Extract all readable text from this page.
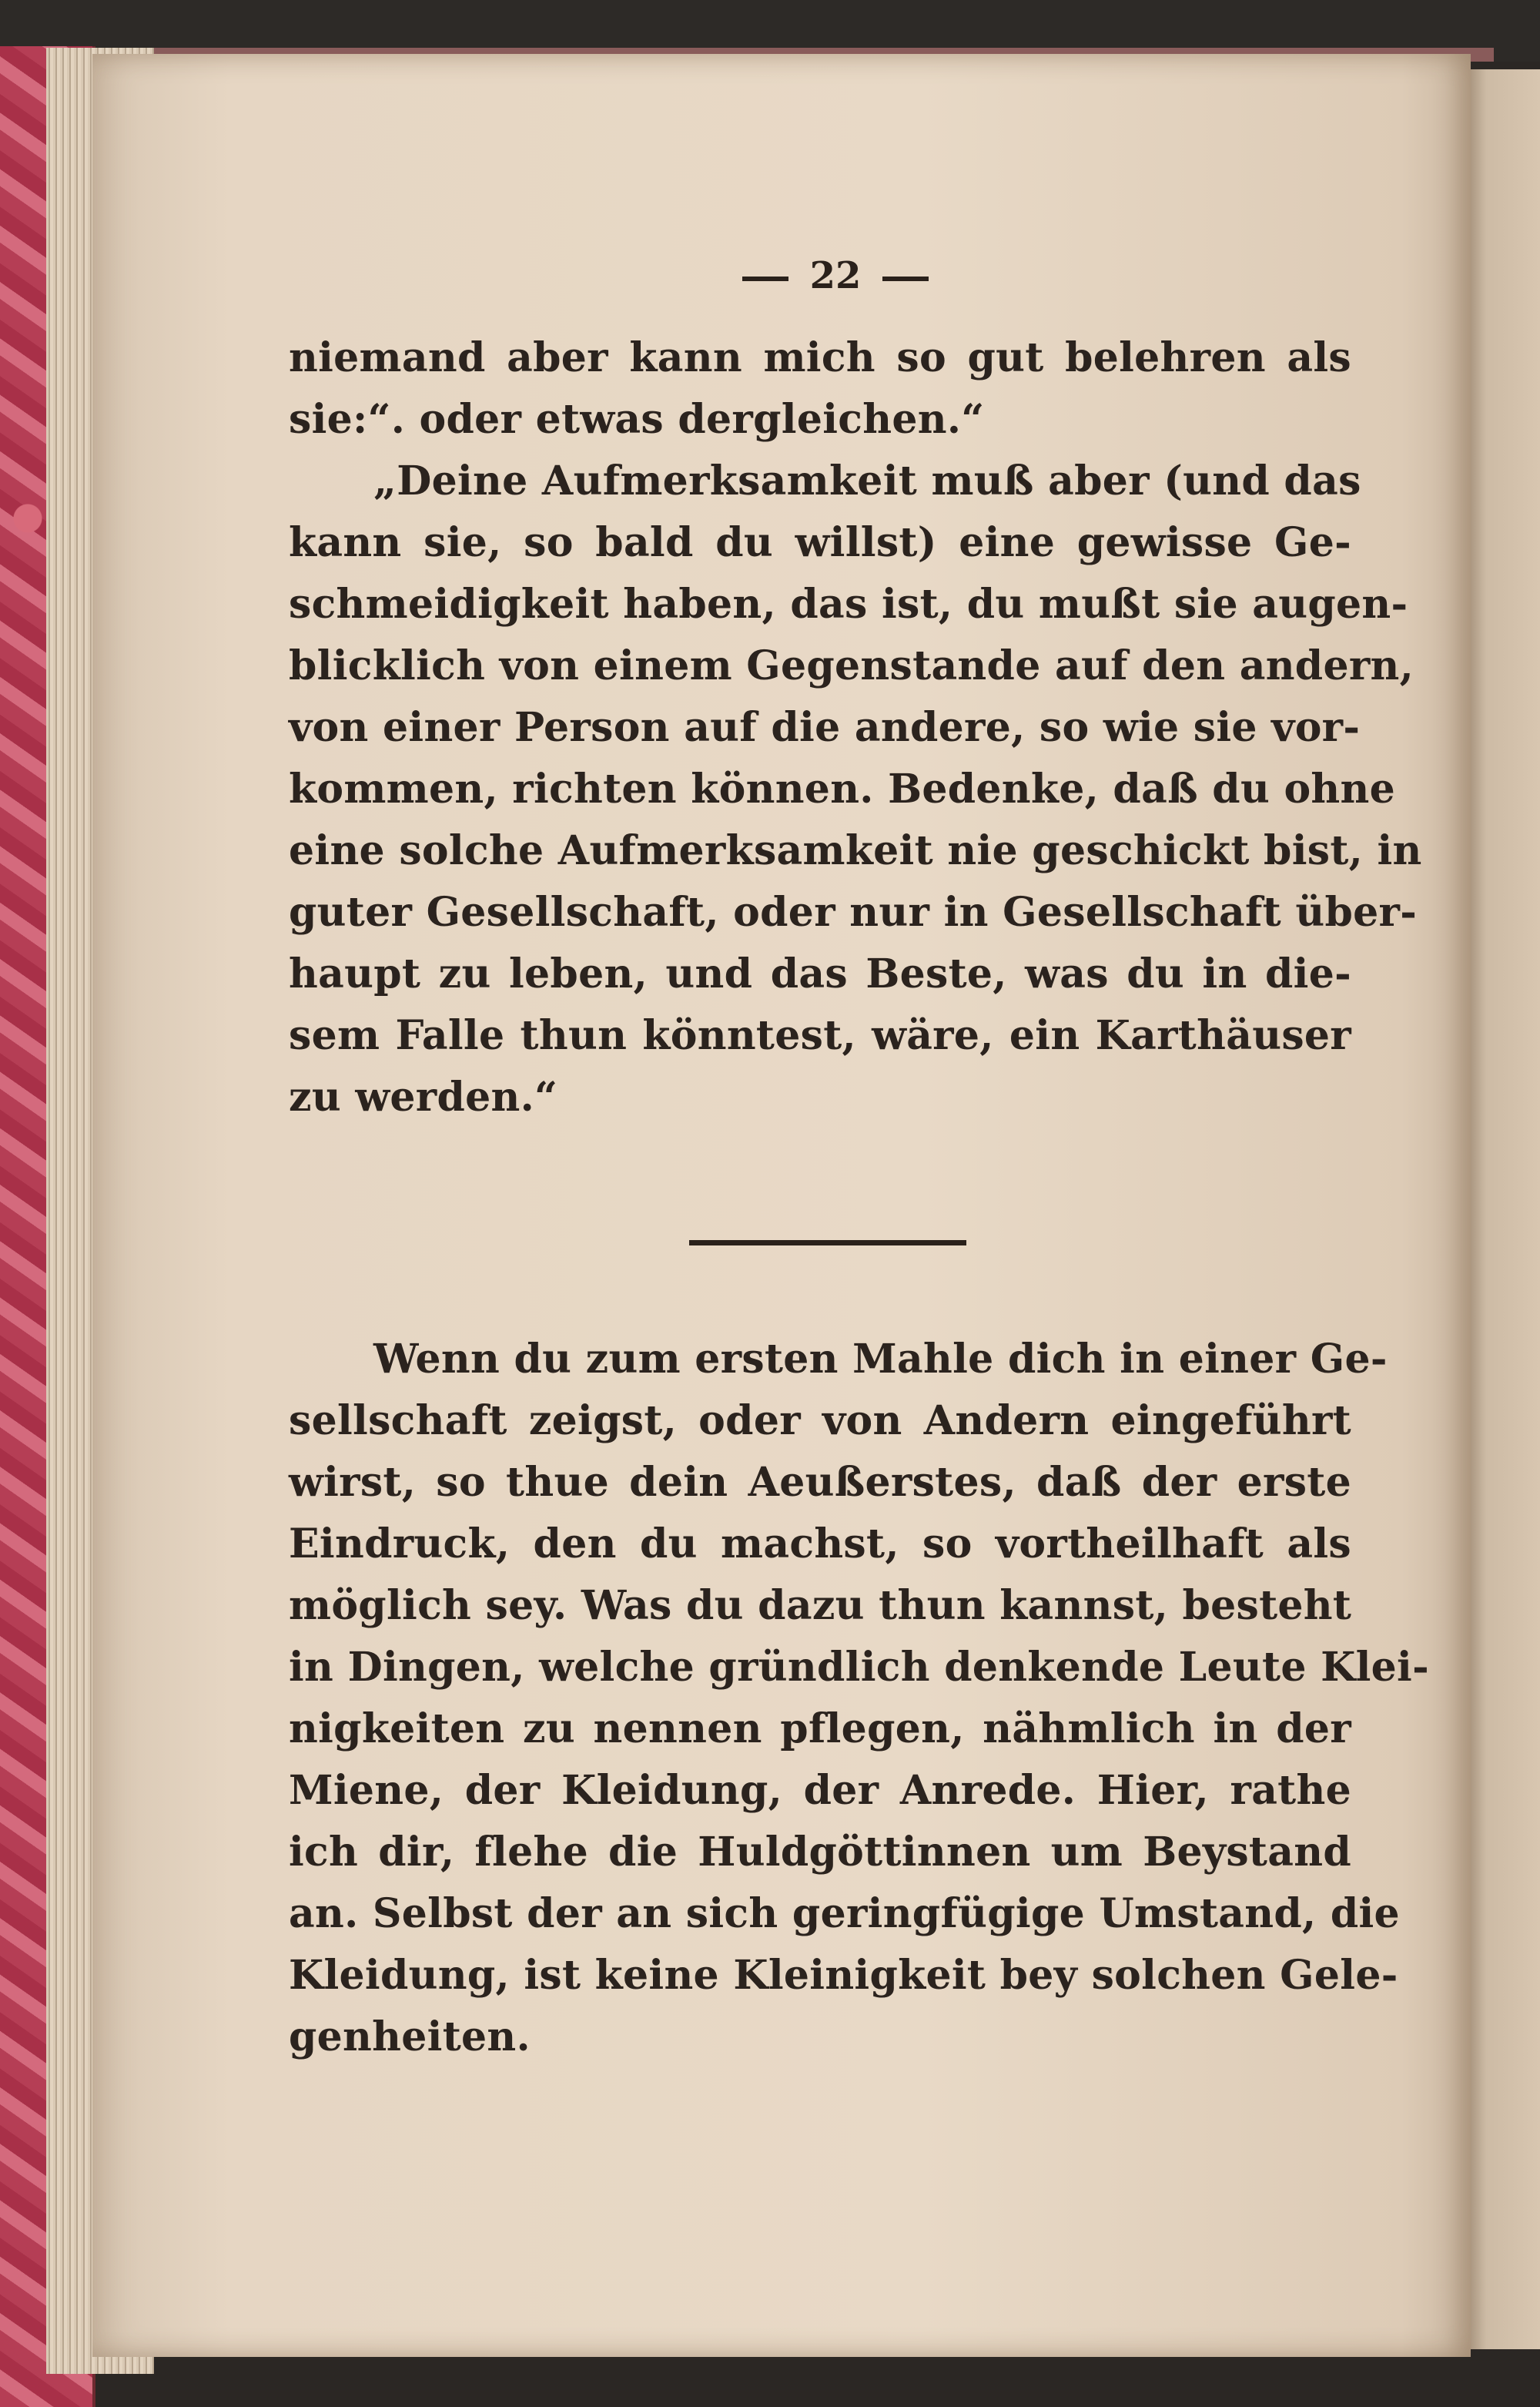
22
niemand aber kann mich so gut belehren als
sie:“. oder etwas dergleichen.“
„Deine Aufmerksamkeit muß aber (und das
kann sie, so bald du willst) eine gewisse Ge-
schmeidigkeit haben, das ist, du mußt sie augen-
blicklich von einem Gegenstande auf den andern,
von einer Person auf die andere, so wie sie vor-
kommen, richten können. Bedenke, daß du ohne
eine solche Aufmerksamkeit nie geschickt bist, in
guter Gesellschaft, oder nur in Gesellschaft über-
haupt zu leben, und das Beste, was du in die-
sem Falle thun könntest, wäre, ein Karthäuser
zu werden.“
Wenn du zum ersten Mahle dich in einer Ge-
sellschaft zeigst, oder von Andern eingeführt
wirst, so thue dein Aeußerstes, daß der erste
Eindruck, den du machst, so vortheilhaft als
möglich sey. Was du dazu thun kannst, besteht
in Dingen, welche gründlich denkende Leute Klei-
nigkeiten zu nennen pflegen, nähmlich in der
Miene, der Kleidung, der Anrede. Hier, rathe
ich dir, flehe die Huldgöttinnen um Beystand
an. Selbst der an sich geringfügige Umstand, die
Kleidung, ist keine Kleinigkeit bey solchen Gele-
genheiten.
